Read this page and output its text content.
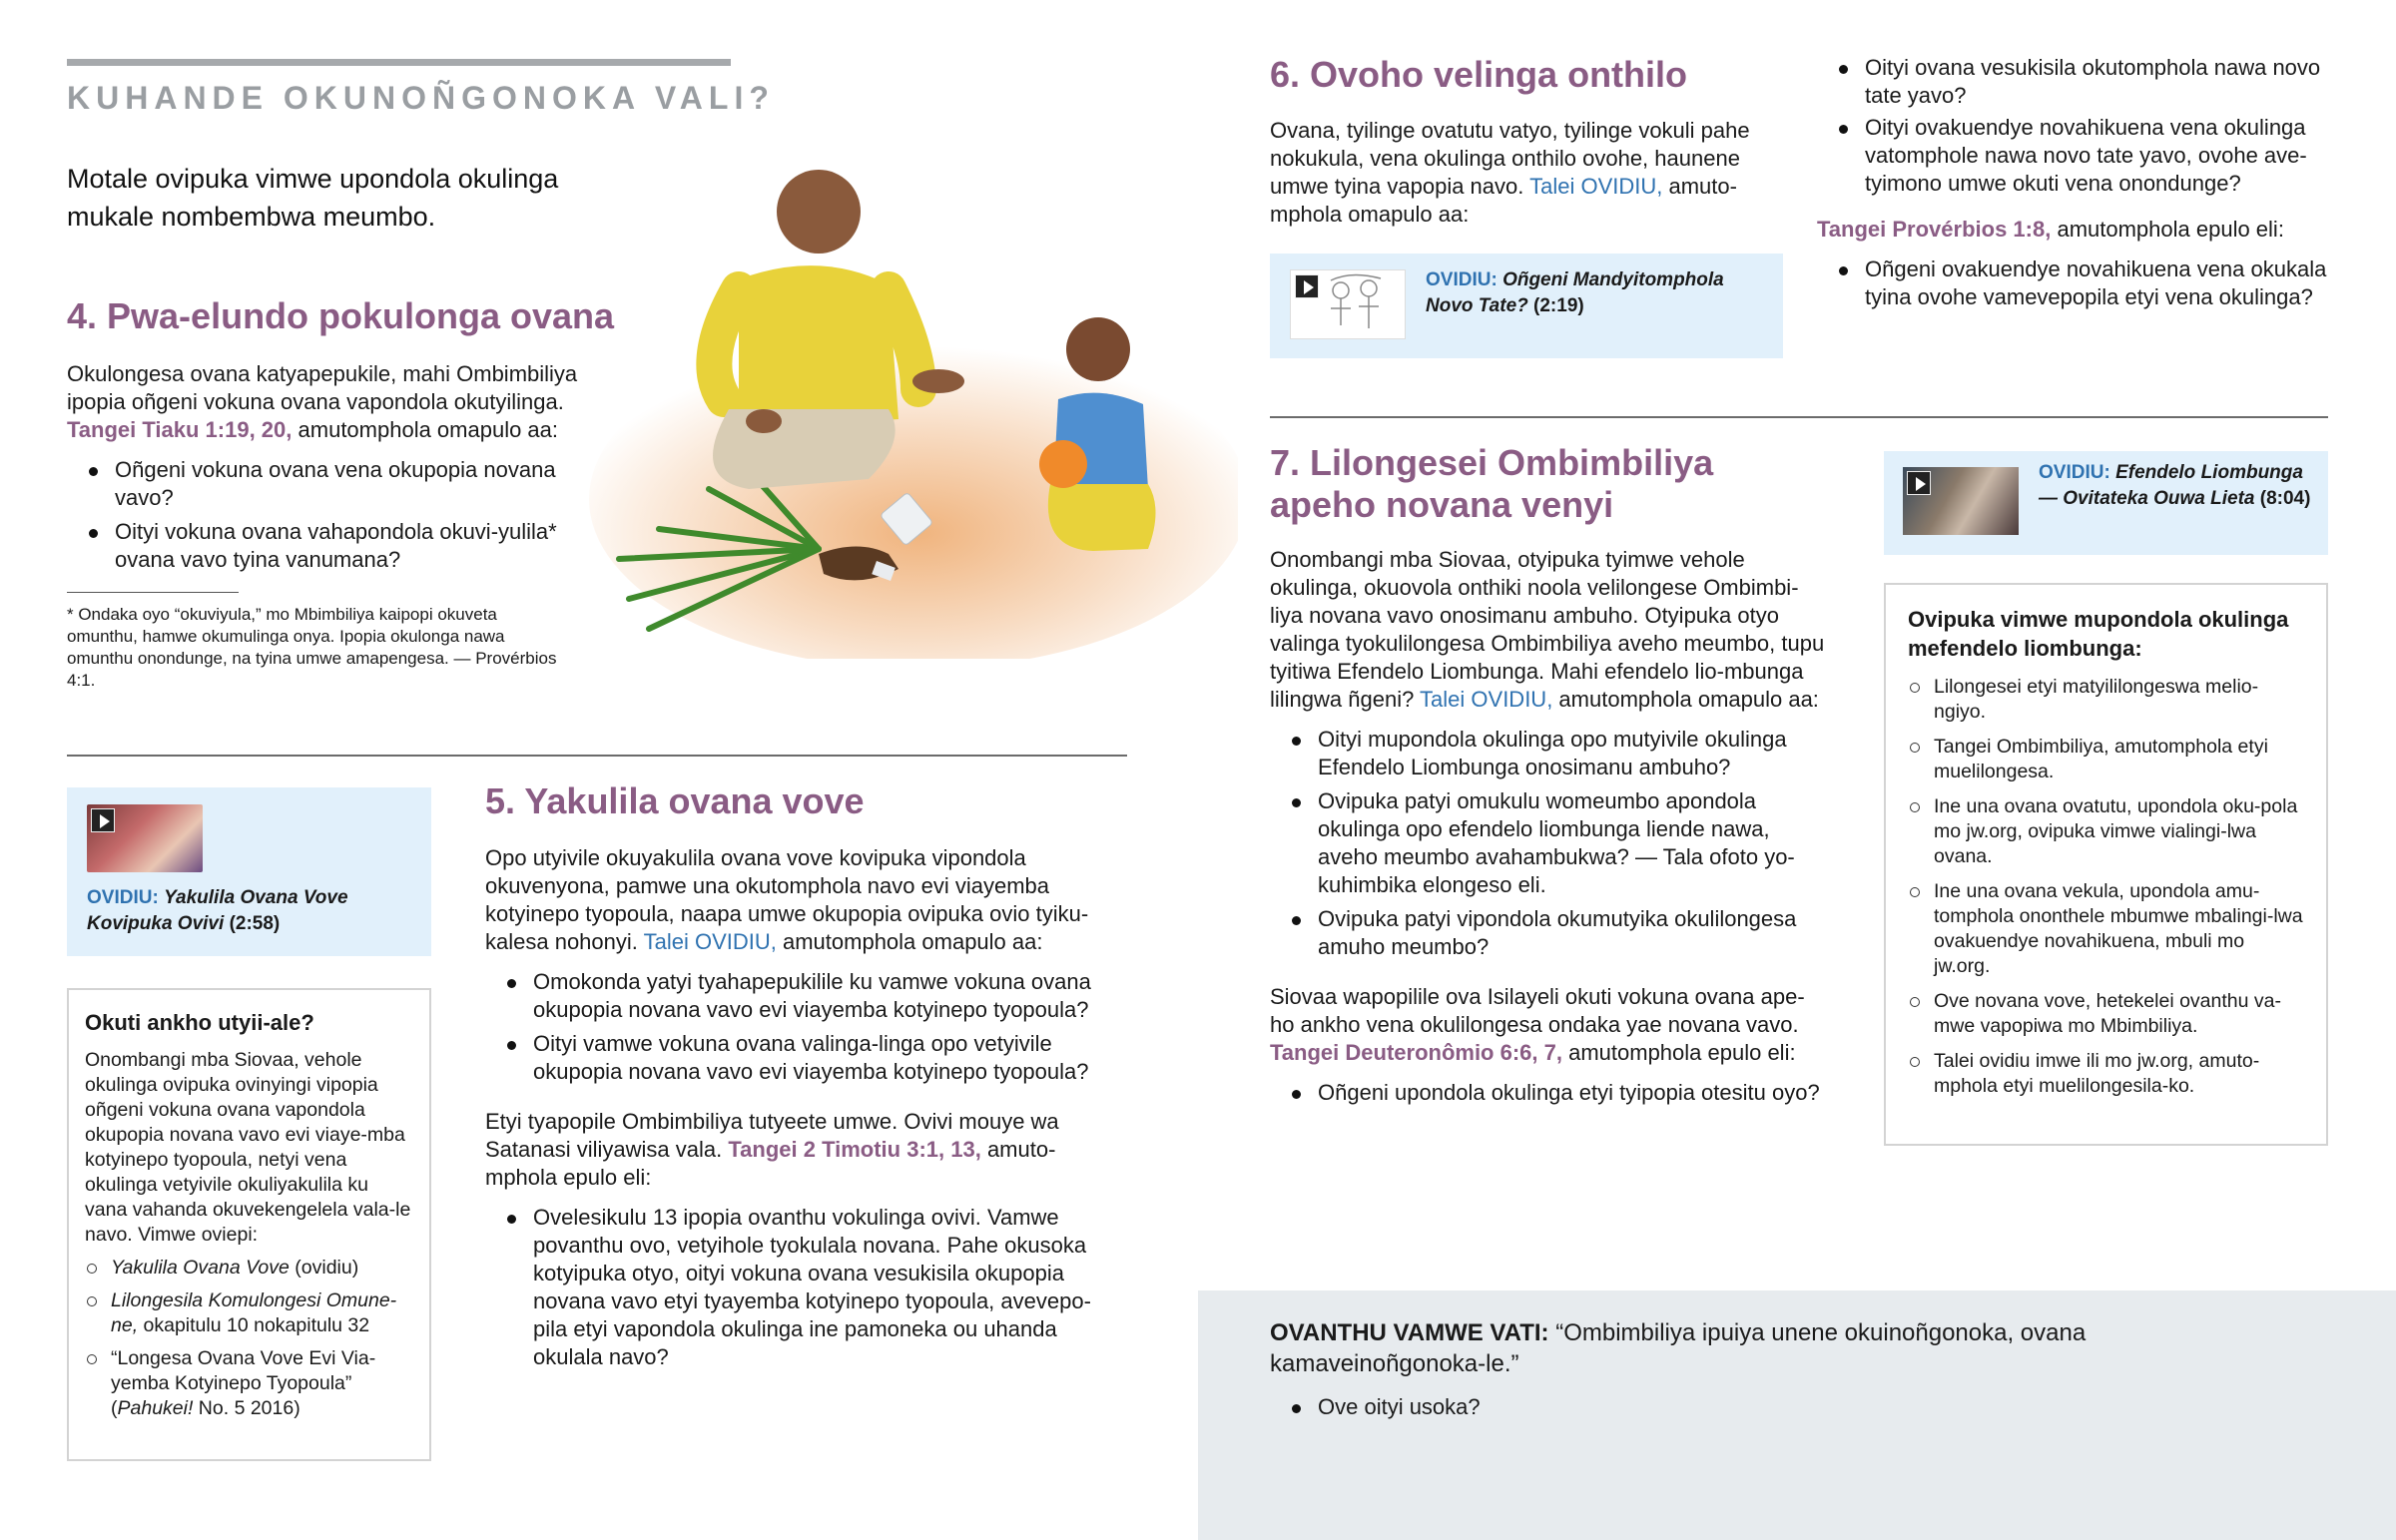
KUHANDE OKUNOÑGONOKA VALI?
Motale ovipuka vimwe upondola okulinga mukale nombembwa meumbo.
4. Pwa-elundo pokulonga ovana
Okulongesa ovana katyapepukile, mahi Ombimbiliya ipopia oñgeni vokuna ovana vapondola okutyilinga. Tangei Tiaku 1:19, 20, amutomphola omapulo aa:
Oñgeni vokuna ovana vena okupopia novana vavo?
Oityi vokuna ovana vahapondola okuvi-yulila* ovana vavo tyina vanumana?
* Ondaka oyo “okuviyula,” mo Mbimbiliya kaipopi okuveta omunthu, hamwe okumulinga onya. Ipopia okulonga nawa omunthu onondunge, na tyina umwe amapengesa. — Provérbios 4:1.
OVIDIU: Yakulila Ovana Vove Kovipuka Ovivi (2:58)
Okuti ankho utyii-ale?
Onombangi mba Siovaa, vehole okulinga ovipuka ovinyingi vipopia oñgeni vokuna ovana vapondola okupopia novana vavo evi viaye-mba kotyinepo tyopoula, netyi vena okulinga vetyivile okuliyakulila ku vana vahanda okuvekengelela vala-le navo. Vimwe oviepi:
Yakulila Ovana Vove (ovidiu)
Lilongesila Komulongesi Omune-ne, okapitulu 10 nokapitulu 32
“Longesa Ovana Vove Evi Via-yemba Kotyinepo Tyopoula” (Pahukei! No. 5 2016)
5. Yakulila ovana vove
Opo utyivile okuyakulila ovana vove kovipuka vipondola okuvenyona, pamwe una okutomphola navo evi viayemba kotyinepo tyopoula, naapa umwe okupopia ovipuka ovio tyiku-kalesa nohonyi. Talei OVIDIU, amutomphola omapulo aa:
Omokonda yatyi tyahapepukilile ku vamwe vokuna ovana okupopia novana vavo evi viayemba kotyinepo tyopoula?
Oityi vamwe vokuna ovana valinga-linga opo vetyivile okupopia novana vavo evi viayemba kotyinepo tyopoula?
Etyi tyapopile Ombimbiliya tutyeete umwe. Ovivi mouye wa Satanasi viliyawisa vala. Tangei 2 Timotiu 3:1, 13, amuto-mphola epulo eli:
Ovelesikulu 13 ipopia ovanthu vokulinga ovivi. Vamwe povanthu ovo, vetyihole tyokulala novana. Pahe okusoka kotyipuka otyo, oityi vokuna ovana vesukisila okupopia novana vavo etyi tyayemba kotyinepo tyopoula, avevepo-pila etyi vapondola okulinga ine pamoneka ou uhanda okulala navo?
6. Ovoho velinga onthilo
Ovana, tyilinge ovatutu vatyo, tyilinge vokuli pahe nokukula, vena okulinga onthilo ovohe, haunene umwe tyina vapopia navo. Talei OVIDIU, amuto-mphola omapulo aa:
OVIDIU: Oñgeni Mandyitomphola Novo Tate? (2:19)
Oityi ovana vesukisila okutomphola nawa novo tate yavo?
Oityi ovakuendye novahikuena vena okulinga vatomphole nawa novo tate yavo, ovohe ave-tyimono umwe okuti vena onondunge?
Tangei Provérbios 1:8, amutomphola epulo eli:
Oñgeni ovakuendye novahikuena vena okukala tyina ovohe vamevepopila etyi vena okulinga?
7. Lilongesei Ombimbiliya apeho novana venyi
Onombangi mba Siovaa, otyipuka tyimwe vehole okulinga, okuovola onthiki noola velilongese Ombimbi-liya novana vavo onosimanu ambuho. Otyipuka otyo valinga tyokulilongesa Ombimbiliya aveho meumbo, tupu tyitiwa Efendelo Liombunga. Mahi efendelo lio-mbunga lilingwa ñgeni? Talei OVIDIU, amutomphola omapulo aa:
Oityi mupondola okulinga opo mutyivile okulinga Efendelo Liombunga onosimanu ambuho?
Ovipuka patyi omukulu womeumbo apondola okulinga opo efendelo liombunga liende nawa, aveho meumbo avahambukwa? — Tala ofoto yo-kuhimbika elongeso eli.
Ovipuka patyi vipondola okumutyika okulilongesa amuho meumbo?
Siovaa wapopilile ova Isilayeli okuti vokuna ovana ape-ho ankho vena okulilongesa ondaka yae novana vavo. Tangei Deuteronômio 6:6, 7, amutomphola epulo eli:
Oñgeni upondola okulinga etyi tyipopia otesitu oyo?
OVIDIU: Efendelo Liombunga — Ovitateka Ouwa Lieta (8:04)
Ovipuka vimwe mupondola okulinga mefendelo liombunga:
Lilongesei etyi matyililongeswa melio-ngiyo.
Tangei Ombimbiliya, amutomphola etyi muelilongesa.
Ine una ovana ovatutu, upondola oku-pola mo jw.org, ovipuka vimwe vialingi-lwa ovana.
Ine una ovana vekula, upondola amu-tomphola ononthele mbumwe mbalingi-lwa ovakuendye novahikuena, mbuli mo jw.org.
Ove novana vove, hetekelei ovanthu va-mwe vapopiwa mo Mbimbiliya.
Talei ovidiu imwe ili mo jw.org, amuto-mphola etyi muelilongesila-ko.
OVANTHU VAMWE VATI: “Ombimbiliya ipuiya unene okuinoñgonoka, ovana kamaveinoñgonoka-le.”
Ove oityi usoka?
